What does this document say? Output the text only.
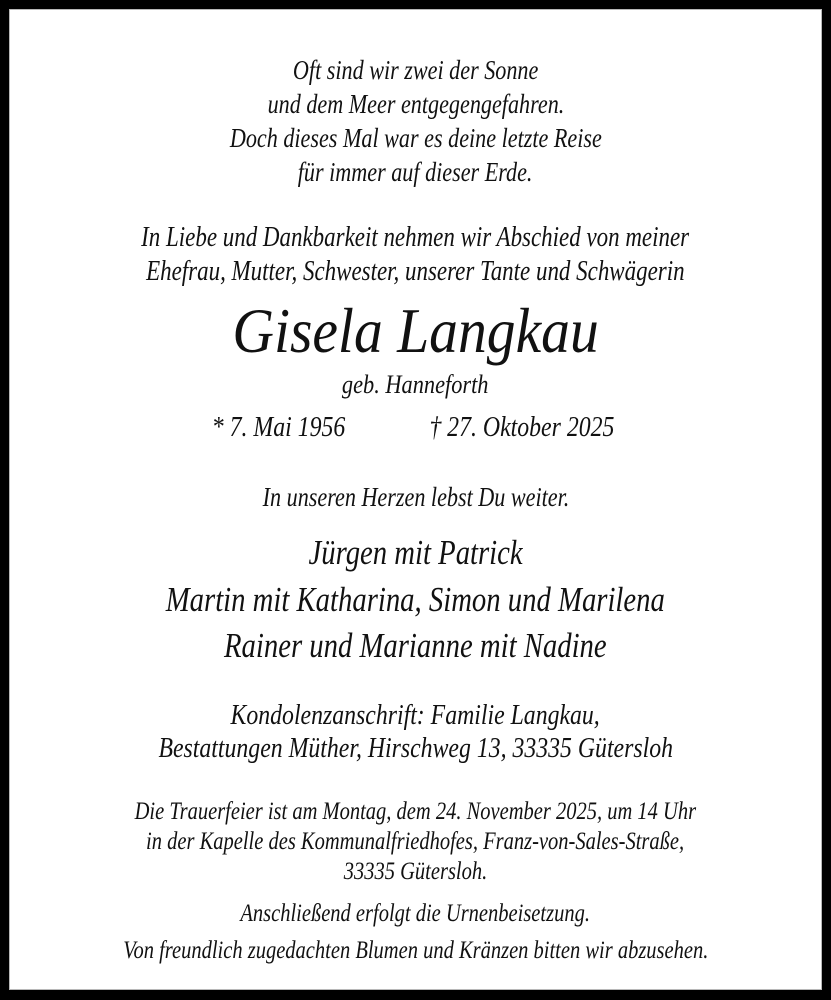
Oft sind wir zwei der Sonne
und dem Meer entgegengefahren.
Doch dieses Mal war es deine letzte Reise
für immer auf dieser Erde.
In Liebe und Dankbarkeit nehmen wir Abschied von meiner
Ehefrau, Mutter, Schwester, unserer Tante und Schwägerin
Gisela Langkau
geb. Hanneforth
* 7. Mai 1956	† 27. Oktober 2025
In unseren Herzen lebst Du weiter.
Jürgen mit Patrick
Martin mit Katharina, Simon und Marilena
Rainer und Marianne mit Nadine
Kondolenzanschrift: Familie Langkau,
Bestattungen Müther, Hirschweg 13, 33335 Gütersloh
Die Trauerfeier ist am Montag, dem 24. November 2025, um 14 Uhr
in der Kapelle des Kommunalfriedhofes, Franz-von-Sales-Straße,
33335 Gütersloh.
Anschließend erfolgt die Urnenbeisetzung.
Von freundlich zugedachten Blumen und Kränzen bitten wir abzusehen.
